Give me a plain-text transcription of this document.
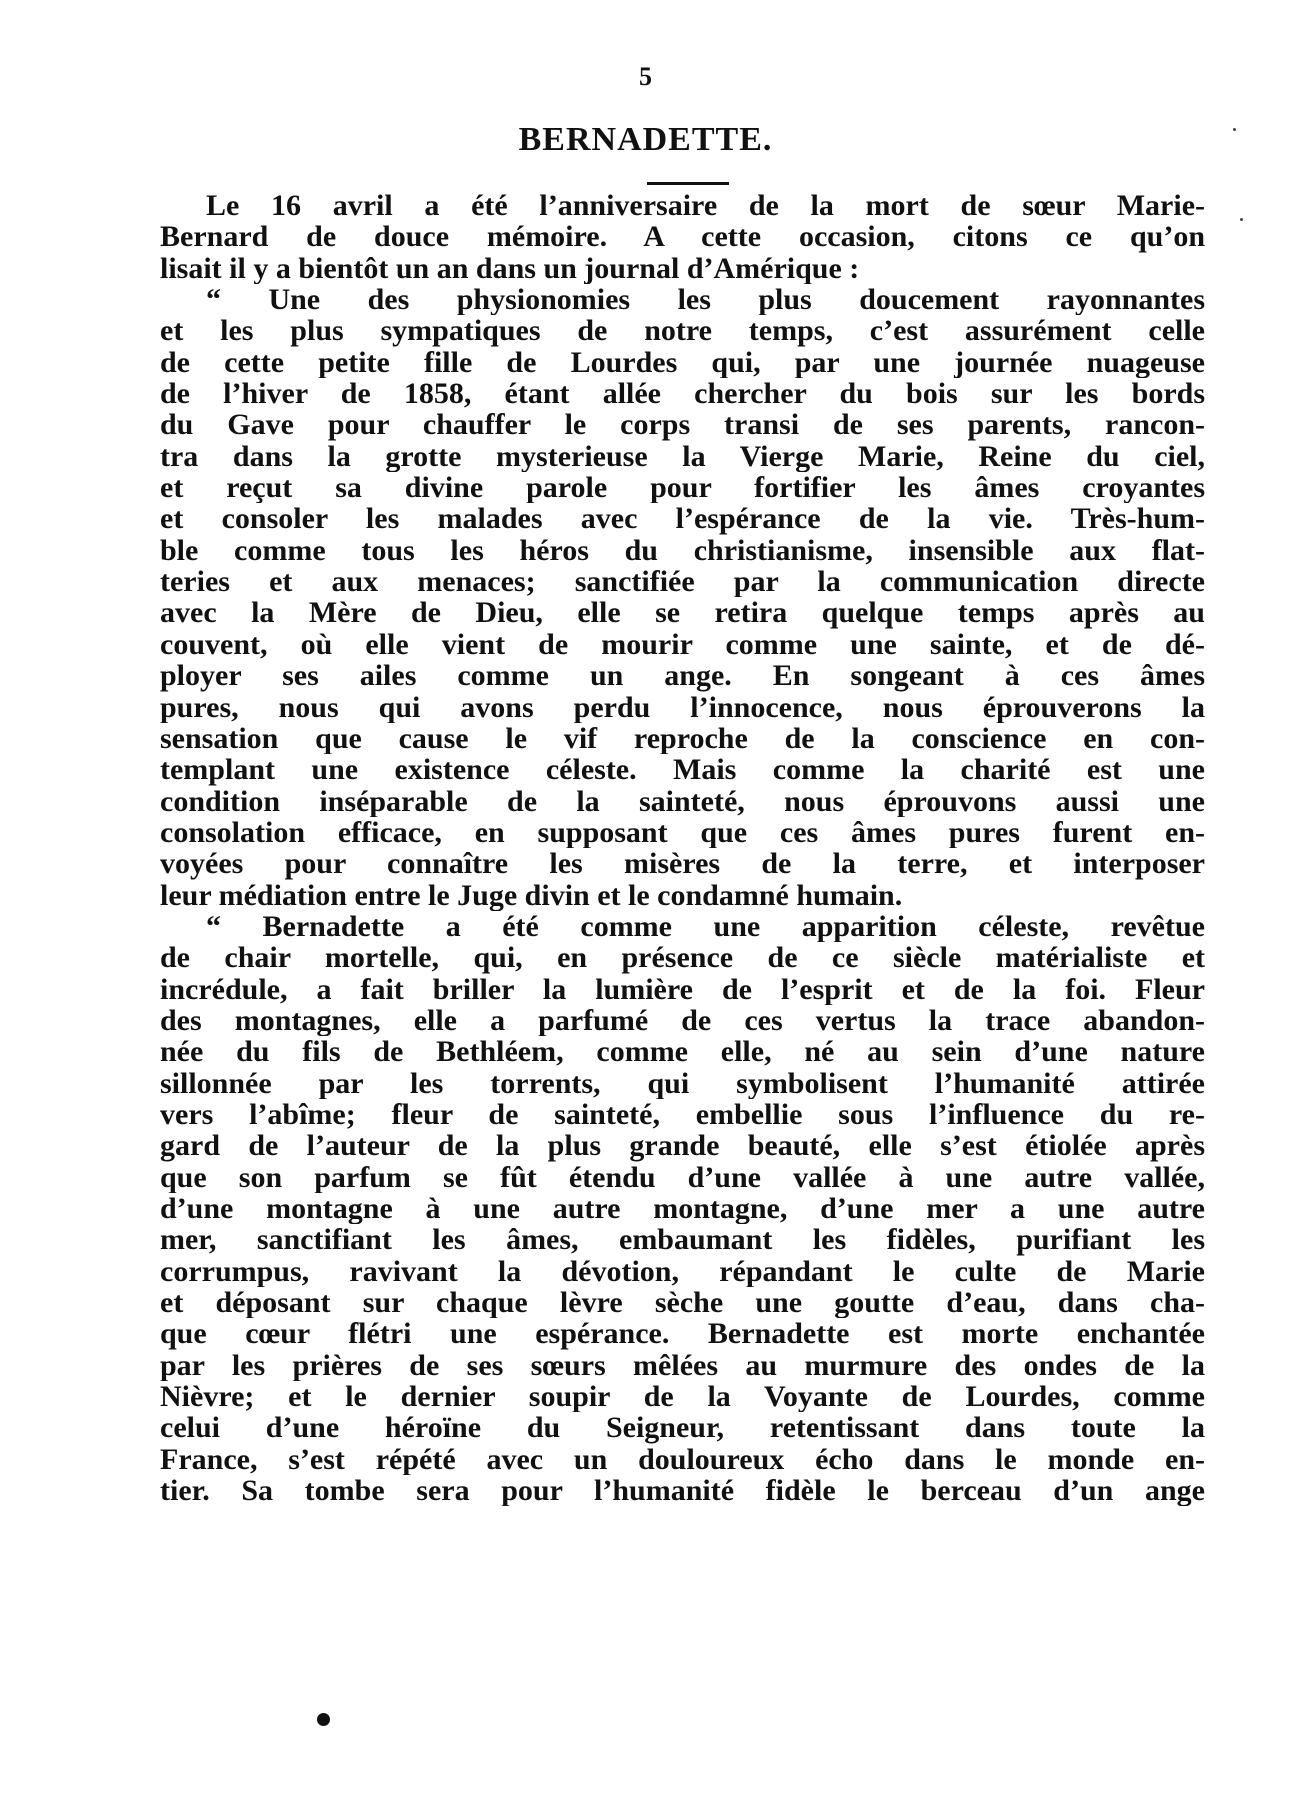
5
BERNADETTE.
Le 16 avril a été l’anniversaire de la mort de sœur Marie-
Bernard de douce mémoire. A cette occasion, citons ce qu’on
lisait il y a bientôt un an dans un journal d’Amérique :
“ Une des physionomies les plus doucement rayonnantes
et les plus sympatiques de notre temps, c’est assurément celle
de cette petite fille de Lourdes qui, par une journée nuageuse
de l’hiver de 1858, étant allée chercher du bois sur les bords
du Gave pour chauffer le corps transi de ses parents, rancon-
tra dans la grotte mysterieuse la Vierge Marie, Reine du ciel,
et reçut sa divine parole pour fortifier les âmes croyantes
et consoler les malades avec l’espérance de la vie. Très-hum-
ble comme tous les héros du christianisme, insensible aux flat-
teries et aux menaces; sanctifiée par la communication directe
avec la Mère de Dieu, elle se retira quelque temps après au
couvent, où elle vient de mourir comme une sainte, et de dé-
ployer ses ailes comme un ange. En songeant à ces âmes
pures, nous qui avons perdu l’innocence, nous éprouverons la
sensation que cause le vif reproche de la conscience en con-
templant une existence céleste. Mais comme la charité est une
condition inséparable de la sainteté, nous éprouvons aussi une
consolation efficace, en supposant que ces âmes pures furent en-
voyées pour connaître les misères de la terre, et interposer
leur médiation entre le Juge divin et le condamné humain.
“ Bernadette a été comme une apparition céleste, revêtue
de chair mortelle, qui, en présence de ce siècle matérialiste et
incrédule, a fait briller la lumière de l’esprit et de la foi. Fleur
des montagnes, elle a parfumé de ces vertus la trace abandon-
née du fils de Bethléem, comme elle, né au sein d’une nature
sillonnée par les torrents, qui symbolisent l’humanité attirée
vers l’abîme; fleur de sainteté, embellie sous l’influence du re-
gard de l’auteur de la plus grande beauté, elle s’est étiolée après
que son parfum se fût étendu d’une vallée à une autre vallée,
d’une montagne à une autre montagne, d’une mer a une autre
mer, sanctifiant les âmes, embaumant les fidèles, purifiant les
corrumpus, ravivant la dévotion, répandant le culte de Marie
et déposant sur chaque lèvre sèche une goutte d’eau, dans cha-
que cœur flétri une espérance. Bernadette est morte enchantée
par les prières de ses sœurs mêlées au murmure des ondes de la
Nièvre; et le dernier soupir de la Voyante de Lourdes, comme
celui d’une héroïne du Seigneur, retentissant dans toute la
France, s’est répété avec un douloureux écho dans le monde en-
tier. Sa tombe sera pour l’humanité fidèle le berceau d’un ange
